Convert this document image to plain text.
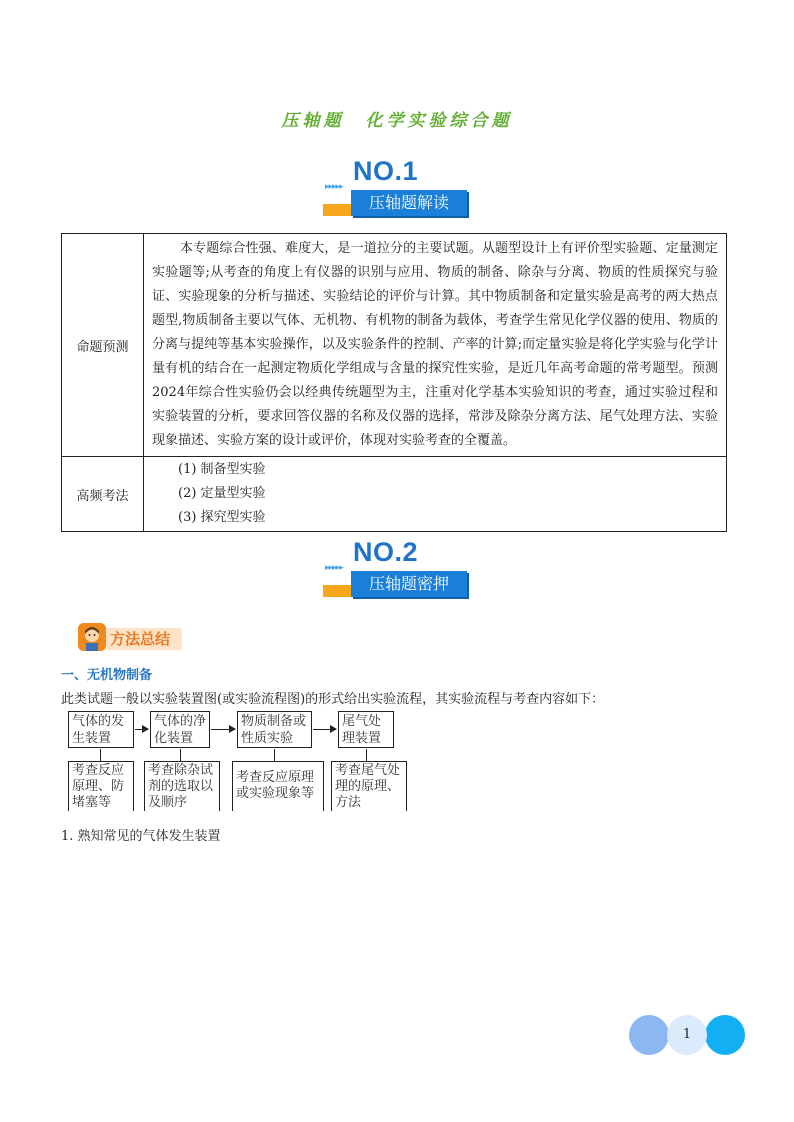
压轴题　化学实验综合题
NO.1
▸▸▸▸▸
压轴题解读
命题预测	本专题综合性强、难度大，是一道拉分的主要试题。从题型设计上有评价型实验题、定量测定实验题等;从考查的角度上有仪器的识别与应用、物质的制备、除杂与分离、物质的性质探究与验证、实验现象的分析与描述、实验结论的评价与计算。其中物质制备和定量实验是高考的两大热点题型,物质制备主要以气体、无机物、有机物的制备为载体，考查学生常见化学仪器的使用、物质的分离与提纯等基本实验操作，以及实验条件的控制、产率的计算;而定量实验是将化学实验与化学计量有机的结合在一起测定物质化学组成与含量的探究性实验，是近几年高考命题的常考题型。预测2024年综合性实验仍会以经典传统题型为主，注重对化学基本实验知识的考查，通过实验过程和实验装置的分析，要求回答仪器的名称及仪器的选择，常涉及除杂分离方法、尾气处理方法、实验现象描述、实验方案的设计或评价，体现对实验考查的全覆盖。

高频考法	(1) 制备型实验
(2) 定量型实验
(3) 探究型实验
NO.2
▸▸▸▸▸
压轴题密押
方法总结
一、无机物制备
此类试题一般以实验装置图(或实验流程图)的形式给出实验流程，其实验流程与考查内容如下：
气体的发
生装置
气体的净
化装置
物质制备或
性质实验
尾气处
理装置
考查反应
原理、防
堵塞等
考查除杂试
剂的选取以
及顺序
考查反应原理
或实验现象等
考查尾气处
理的原理、
方法
1. 熟知常见的气体发生装置
1
